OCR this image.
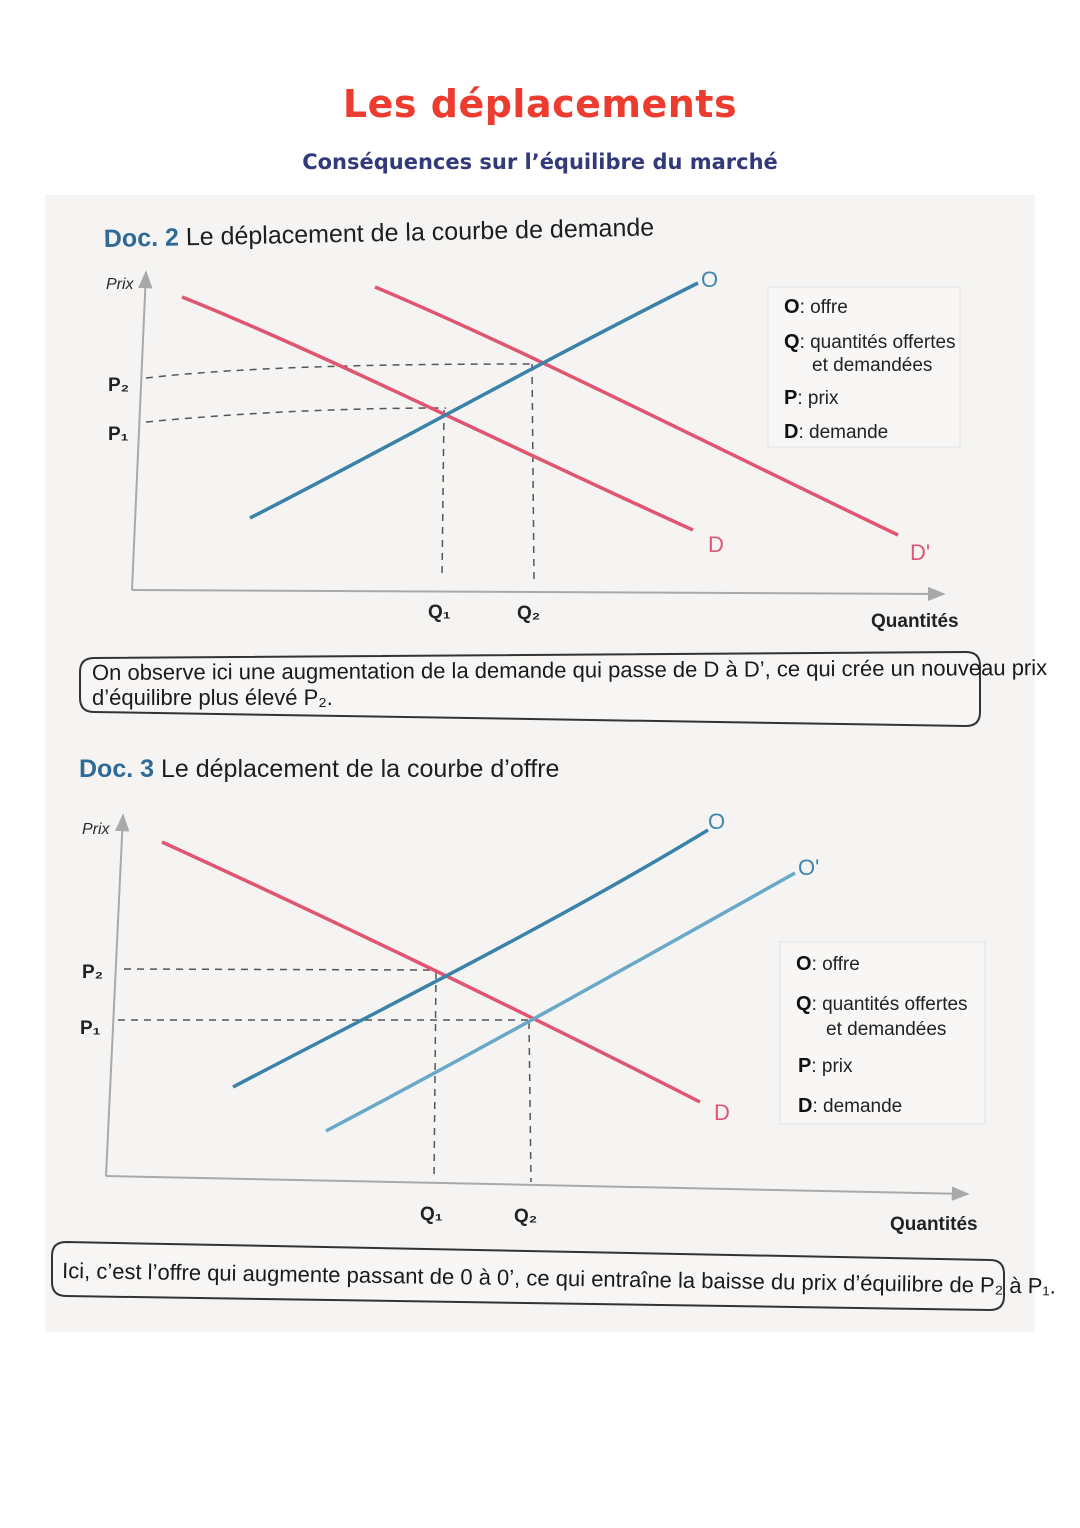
Les déplacements
Conséquences sur l’équilibre du marché
Doc. 2 Le déplacement de la courbe de demande
Prix
Quantités
O
D	D'
P₂
P₁
Q₁	Q₂
O: offre
Q: quantités offertes
et demandées
P: prix
D: demande
On observe ici une augmentation de la demande qui passe de D à D’, ce qui crée un nouveau prix
d’équilibre plus élevé P₂.
Doc. 3 Le déplacement de la courbe d’offre
Prix
Quantités
O
O'
D
P₂
P₁
Q₁	Q₂
O: offre
Q: quantités offertes
et demandées
P: prix
D: demande
Ici, c’est l’offre qui augmente passant de 0 à 0’, ce qui entraîne la baisse du prix d’équilibre de P₂ à P₁.
